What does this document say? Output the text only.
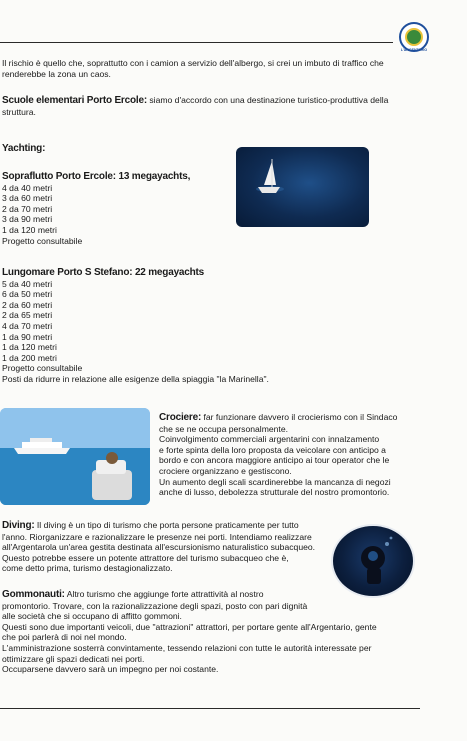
L'ARGENTARIO
Il rischio è quello che, soprattutto con i camion a servizio dell'albergo, si crei un imbuto di traffico che
renderebbe la zona un caos.
Scuole elementari Porto Ercole: siamo d'accordo con una destinazione turistico-produttiva della
struttura.
Yachting:
Sopraflutto Porto Ercole: 13 megayachts,
4 da 40 metri
3 da 60 metri
2 da 70 metri
3 da 90 metri
1 da 120 metri
Progetto consultabile
Lungomare Porto S Stefano: 22 megayachts
5 da 40 metri
6 da 50 metri
2 da 60 metri
2 da 65 metri
4 da 70 metri
1 da 90 metri
1 da 120 metri
1 da 200 metri
Progetto consultabile
Posti da ridurre in relazione alle esigenze della spiaggia "la Marinella".
Crociere: far funzionare davvero il crocierismo con il Sindaco
che se ne occupa personalmente.
Coinvolgimento commerciali argentarini con innalzamento
e forte spinta della loro proposta da veicolare con anticipo a
bordo e con ancora maggiore anticipo ai tour operator che le
crociere organizzano e gestiscono.
Un aumento degli scali scardinerebbe la mancanza di negozi
anche di lusso, debolezza strutturale del nostro promontorio.
Diving: Il diving è un tipo di turismo che porta persone praticamente per tutto
l'anno. Riorganizzare e razionalizzare le presenze nei porti. Intendiamo realizzare
all'Argentarola un'area gestita destinata all'escursionismo naturalistico subacqueo.
Questo potrebbe essere un potente attrattore del turismo subacqueo che è,
come detto prima, turismo destagionalizzato.
Gommonauti: Altro turismo che aggiunge forte attrattività al nostro
promontorio. Trovare, con la razionalizzazione degli spazi, posto con pari dignità
alle società che si occupano di affitto gommoni.
Questi sono due importanti veicoli, due "attrazioni" attrattori, per portare gente all'Argentario, gente
che poi parlerà di noi nel mondo.
L'amministrazione sosterrà convintamente, tessendo relazioni con tutte le autorità interessate per
ottimizzare gli spazi dedicati nei porti.
Occuparsene davvero sarà un impegno per noi costante.
